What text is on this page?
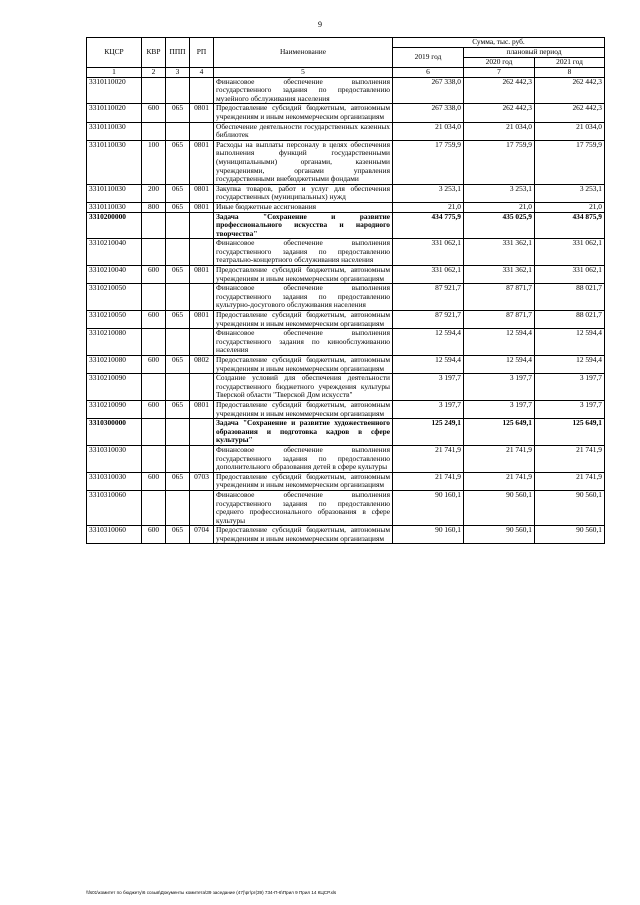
9
КЦСР	КВР	ППП	РП	Наименование	Сумма, тыс. руб.		
					2019 год	плановый период	
						2020 год	2021 год
1	2	3	4	5	6	7	8
3310110020				Финансовое обеспечение выполнения государственного задания по предоставлению музейного обслуживания населения	267 338,0	262 442,3	262 442,3
3310110020	600	065	0801	Предоставление субсидий бюджетным, автономным учреждениям и иным некоммерческим организациям	267 338,0	262 442,3	262 442,3
3310110030				Обеспечение деятельности государственных казенных библиотек	21 034,0	21 034,0	21 034,0
3310110030	100	065	0801	Расходы на выплаты персоналу в целях обеспечения выполнения функций государственными (муниципальными) органами, казенными учреждениями, органами управления государственными внебюджетными фондами	17 759,9	17 759,9	17 759,9
3310110030	200	065	0801	Закупка товаров, работ и услуг для обеспечения государственных (муниципальных) нужд	3 253,1	3 253,1	3 253,1
3310110030	800	065	0801	Иные бюджетные ассигнования	21,0	21,0	21,0
3310200000				Задача "Сохранение и развитие профессионального искусства и народного творчества"	434 775,9	435 025,9	434 875,9
3310210040				Финансовое обеспечение выполнения государственного задания по предоставлению театрально-концертного обслуживания населения	331 062,1	331 362,1	331 062,1
3310210040	600	065	0801	Предоставление субсидий бюджетным, автономным учреждениям и иным некоммерческим организациям	331 062,1	331 362,1	331 062,1
3310210050				Финансовое обеспечение выполнения государственного задания по предоставлению культурно-досугового обслуживания населения	87 921,7	87 871,7	88 021,7
3310210050	600	065	0801	Предоставление субсидий бюджетным, автономным учреждениям и иным некоммерческим организациям	87 921,7	87 871,7	88 021,7
3310210080				Финансовое обеспечение выполнения государственного задания по кинообслуживанию населения	12 594,4	12 594,4	12 594,4
3310210080	600	065	0802	Предоставление субсидий бюджетным, автономным учреждениям и иным некоммерческим организациям	12 594,4	12 594,4	12 594,4
3310210090				Создание условий для обеспечения деятельности государственного бюджетного учреждения культуры Тверской области "Тверской Дом искусств"	3 197,7	3 197,7	3 197,7
3310210090	600	065	0801	Предоставление субсидий бюджетным, автономным учреждениям и иным некоммерческим организациям	3 197,7	3 197,7	3 197,7
3310300000				Задача "Сохранение и развитие художественного образования и подготовка кадров в сфере культуры"	125 249,1	125 649,1	125 649,1
3310310030				Финансовое обеспечение выполнения государственного задания по предоставлению дополнительного образования детей в сфере культуры	21 741,9	21 741,9	21 741,9
3310310030	600	065	0703	Предоставление субсидий бюджетным, автономным учреждениям и иным некоммерческим организациям	21 741,9	21 741,9	21 741,9
3310310060				Финансовое обеспечение выполнения государственного задания по предоставлению среднего профессионального образования в сфере культуры	90 160,1	90 560,1	90 560,1
3310310060	600	065	0704	Предоставление субсидий бюджетным, автономным учреждениям и иным некоммерческим организациям	90 160,1	90 560,1	90 560,1
\\fs01\комитет по бюджету\6 созыв\Документы комитета\39 заседание (47)\рг\рг(39) 734-П-6\Прил 9 Прил 14 КЦСР.xls
